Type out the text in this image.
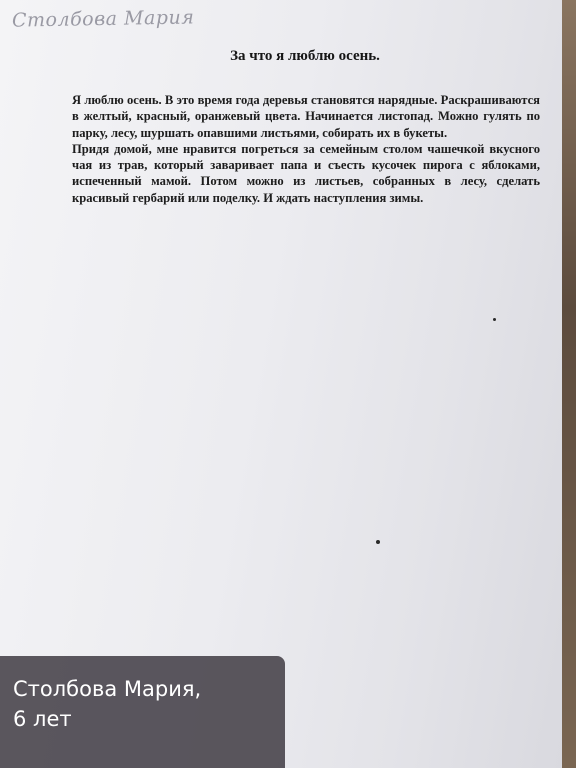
Столбова Мария
За что я люблю осень.

Я люблю осень. В это время года деревья становятся нарядные. Раскрашиваются в желтый, красный, оранжевый цвета. Начинается листопад. Можно гулять по парку, лесу, шуршать опавшими листьями, собирать их в букеты.

Придя домой, мне нравится погреться за семейным столом чашечкой вкусного чая из трав, который заваривает папа и съесть кусочек пирога с яблоками, испеченный мамой. Потом можно из листьев, собранных в лесу, сделать красивый гербарий или поделку. И ждать наступления зимы.

Столбова Мария,
6 лет
